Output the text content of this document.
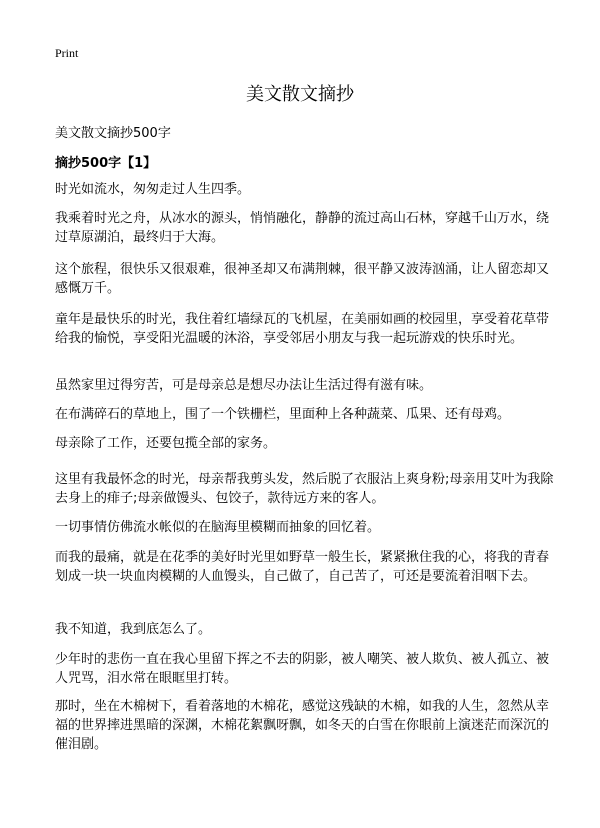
Print
美文散文摘抄
美文散文摘抄500字
摘抄500字【1】

时光如流水，匆匆走过人生四季。

我乘着时光之舟，从冰水的源头，悄悄融化，静静的流过高山石林，穿越千山万水，绕过草原湖泊，最终归于大海。

这个旅程，很快乐又很艰难，很神圣却又布满荆棘，很平静又波涛汹涌，让人留恋却又感慨万千。

童年是最快乐的时光，我住着红墙绿瓦的飞机屋，在美丽如画的校园里，享受着花草带给我的愉悦，享受阳光温暖的沐浴，享受邻居小朋友与我一起玩游戏的快乐时光。

虽然家里过得穷苦，可是母亲总是想尽办法让生活过得有滋有味。

在布满碎石的草地上，围了一个铁栅栏，里面种上各种蔬菜、瓜果、还有母鸡。

母亲除了工作，还要包揽全部的家务。

这里有我最怀念的时光，母亲帮我剪头发，然后脱了衣服沾上爽身粉;母亲用艾叶为我除去身上的痱子;母亲做馒头、包饺子，款待远方来的客人。

一切事情仿佛流水帐似的在脑海里模糊而抽象的回忆着。

而我的最痛，就是在花季的美好时光里如野草一般生长，紧紧揪住我的心，将我的青春划成一块一块血肉模糊的人血馒头，自己做了，自己苦了，可还是要流着泪咽下去。

我不知道，我到底怎么了。

少年时的悲伤一直在我心里留下挥之不去的阴影，被人嘲笑、被人欺负、被人孤立、被人咒骂，泪水常在眼眶里打转。

那时，坐在木棉树下，看着落地的木棉花，感觉这残缺的木棉，如我的人生，忽然从幸福的世界摔进黑暗的深渊，木棉花絮飘呀飘，如冬天的白雪在你眼前上演迷茫而深沉的催泪剧。
